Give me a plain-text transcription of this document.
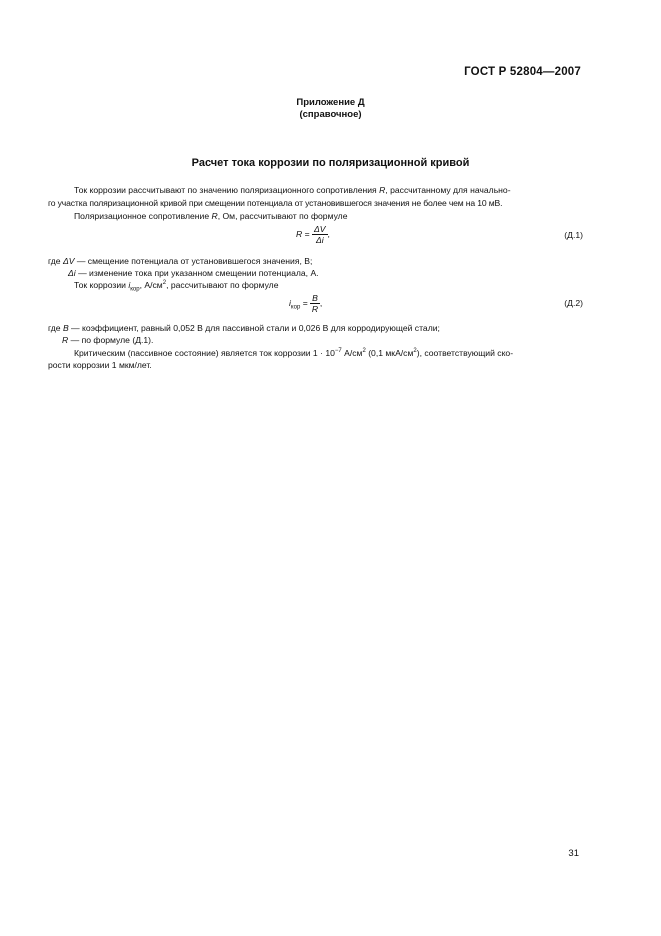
ГОСТ Р 52804—2007
Приложение Д
(справочное)
Расчет тока коррозии по поляризационной кривой
Ток коррозии рассчитывают по значению поляризационного сопротивления R, рассчитанному для начально-
го участка поляризационной кривой при смещении потенциала от установившегося значения не более чем на 10 мВ.
Поляризационное сопротивление R, Ом, рассчитывают по формуле
$R = \frac{\Delta V}{\Delta i}$ ,	(Д.1)
где ΔV — смещение потенциала от установившегося значения, В;
Δi — изменение тока при указанном смещении потенциала, А.
Ток коррозии $i_{кор}$, $А/см^2$, рассчитывают по формуле
$i_{кор} = \frac{B}{R}$ ,	(Д.2)
где B — коэффициент, равный 0,052 В для пассивной стали и 0,026 В для корродирующей стали;
R — по формуле (Д.1).
Критическим (пассивное состояние) является ток коррозии $1 \cdot 10^{-7}$ $А/см^2$ (0,1 мкА/$см^2$), соответствующий ско-
рости коррозии 1 мкм/лет.
31
